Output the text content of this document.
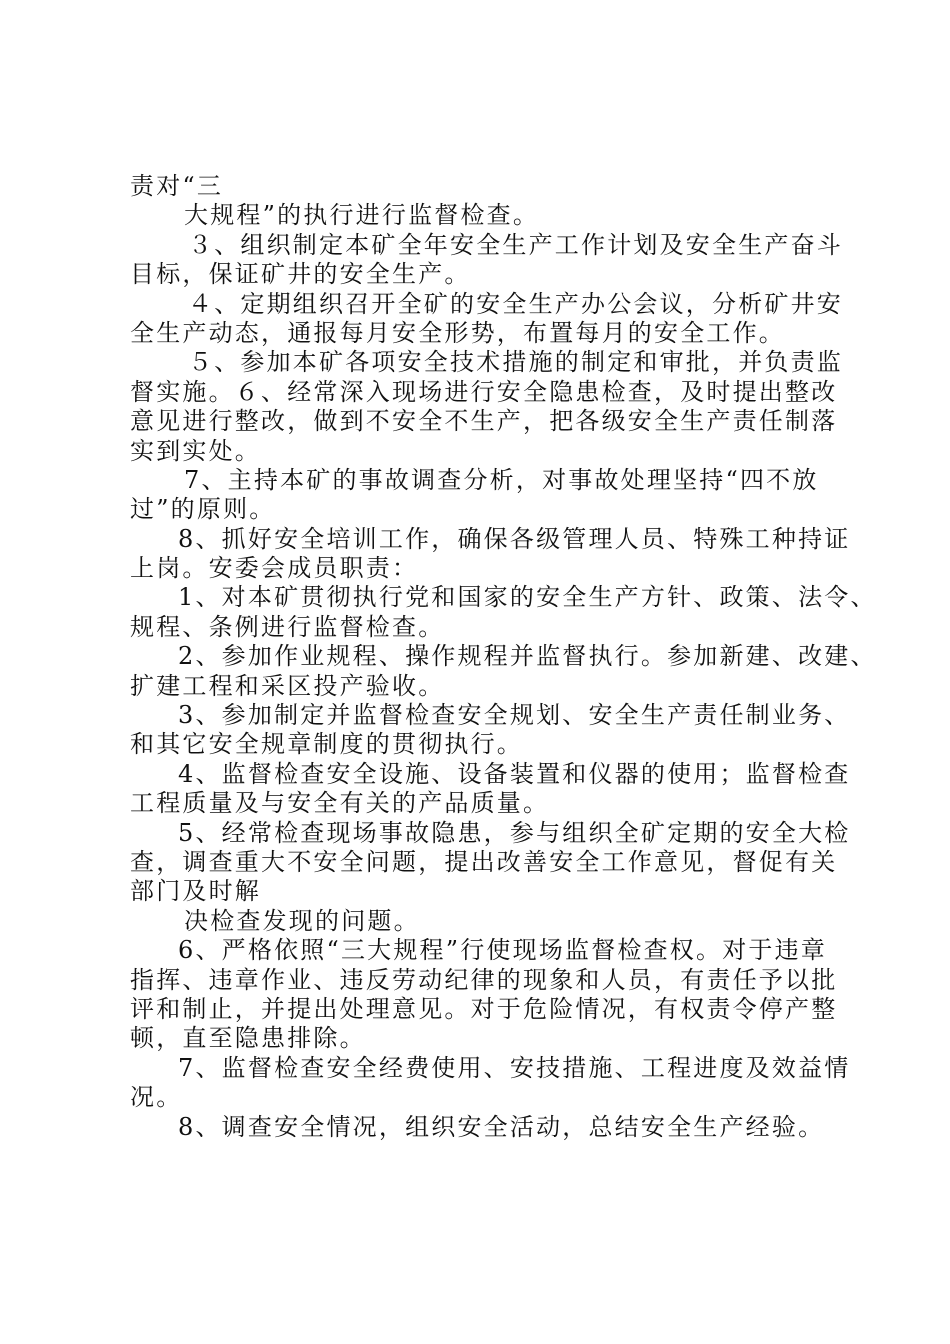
责对“三
大规程”的执行进行监督检查。
３、组织制定本矿全年安全生产工作计划及安全生产奋斗
目标，保证矿井的安全生产。
４、定期组织召开全矿的安全生产办公会议，分析矿井安
全生产动态，通报每月安全形势，布置每月的安全工作。
５、参加本矿各项安全技术措施的制定和审批，并负责监
督实施。６、经常深入现场进行安全隐患检查，及时提出整改
意见进行整改，做到不安全不生产，把各级安全生产责任制落
实到实处。
7、主持本矿的事故调查分析，对事故处理坚持“四不放
过”的原则。
8、抓好安全培训工作，确保各级管理人员、特殊工种持证
上岗。安委会成员职责：
1、对本矿贯彻执行党和国家的安全生产方针、政策、法令、
规程、条例进行监督检查。
2、参加作业规程、操作规程并监督执行。参加新建、改建、
扩建工程和采区投产验收。
3、参加制定并监督检查安全规划、安全生产责任制业务、
和其它安全规章制度的贯彻执行。
4、监督检查安全设施、设备装置和仪器的使用；监督检查
工程质量及与安全有关的产品质量。
5、经常检查现场事故隐患，参与组织全矿定期的安全大检
查，调查重大不安全问题，提出改善安全工作意见，督促有关
部门及时解
决检查发现的问题。
6、严格依照“三大规程”行使现场监督检查权。对于违章
指挥、违章作业、违反劳动纪律的现象和人员，有责任予以批
评和制止，并提出处理意见。对于危险情况，有权责令停产整
顿，直至隐患排除。
7、监督检查安全经费使用、安技措施、工程进度及效益情
况。
8、调查安全情况，组织安全活动，总结安全生产经验。
